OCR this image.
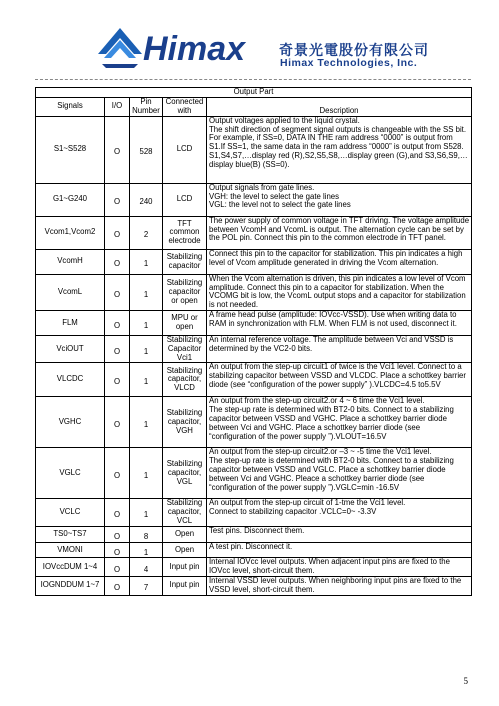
Himax 奇景光電股份有限公司
Himax Technologies, Inc.
Output Part				
Signals	I/O	Pin Number	Connected with	Description
S1~S528	O	528	LCD	Output voltages applied to the liquid crystal.
The shift direction of segment signal outputs is changeable with the SS bit. For example, if SS=0, DATA IN THE ram address “0000” is output from S1.If SS=1, the same data in the ram address “0000” is output from S528.
S1,S4,S7,…display red (R),S2,S5,S8,…display green (G),and S3,S6,S9,…display blue(B) (SS=0).
G1~G240	O	240	LCD	Output signals from gate lines.
VGH: the level to select the gate lines
VGL: the level not to select the gate lines
Vcom1,Vcom2	O	2	TFT common electrode	The power supply of common voltage in TFT driving. The voltage amplitude between VcomH and VcomL is output. The alternation cycle can be set by the POL pin. Connect this pin to the common electrode in TFT panel.
VcomH	O	1	Stabilizing capacitor	Connect this pin to the capacitor for stabilization. This pin indicates a high level of Vcom amplitude generated in driving the Vcom alternation.
VcomL	O	1	Stabilizing capacitor or open	When the Vcom alternation is driven, this pin indicates a low level of Vcom amplitude. Connect this pin to a capacitor for stabilization. When the VCOMG bit is low, the VcomL output stops and a capacitor for stabilization is not needed.
FLM	O	1	MPU or open	A frame head pulse (amplitude: IOVcc-VSSD). Use when writing data to RAM in synchronization with FLM. When FLM is not used, disconnect it.
VciOUT	O	1	Stabilizing Capacitor Vci1	An internal reference voltage. The amplitude between Vci and VSSD is determined by the VC2-0 bits.
VLCDC	O	1	Stabilizing capacitor, VLCD	An output from the step-up circuit1 of twice is the Vci1 level. Connect to a stabilizing capacitor between VSSD and VLCDC. Place a schottkey barrier diode (see “configuration of the power supply” ).VLCDC=4.5 to5.5V
VGHC	O	1	Stabilizing capacitor, VGH	An output from the step-up circuit2.or 4 ~ 6 time the Vci1 level.
The step-up rate is determined with BT2-0 bits. Connect to a stabilizing capacitor between VSSD and VGHC. Place a schottkey barrier diode between Vci and VGHC. Place a schottkey barrier diode (see “configuration of the power supply ”).VLOUT=16.5V
VGLC	O	1	Stabilizing capacitor, VGL	An output from the step-up circuit2.or –3 ~ -5 time the Vci1 level.
The step-up rate is determined with BT2-0 bits. Connect to a stabilizing capacitor between VSSD and VGLC. Place a schottkey barrier diode between Vci and VGHC. Pleace a schottkey barrier diode (see “configuration of the power supply ”).VGLC=min -16.5V
VCLC	O	1	Stabilizing capacitor, VCL	An output from the step-up circuit of 1-tme the Vci1 level.
Connect to stabilizing capacitor .VCLC=0~ -3.3V
TS0~TS7	O	8	Open	Test pins. Disconnect them.
VMONI	O	1	Open	A test pin. Disconnect it.
IOVccDUM 1~4	O	4	Input pin	Internal IOVcc level outputs. When adjacent input pins are fixed to the IOVcc level, short-circuit them.
IOGNDDUM 1~7	O	7	Input pin	Internal VSSD level outputs. When neighboring input pins are fixed to the VSSD level, short-circuit them.
5
